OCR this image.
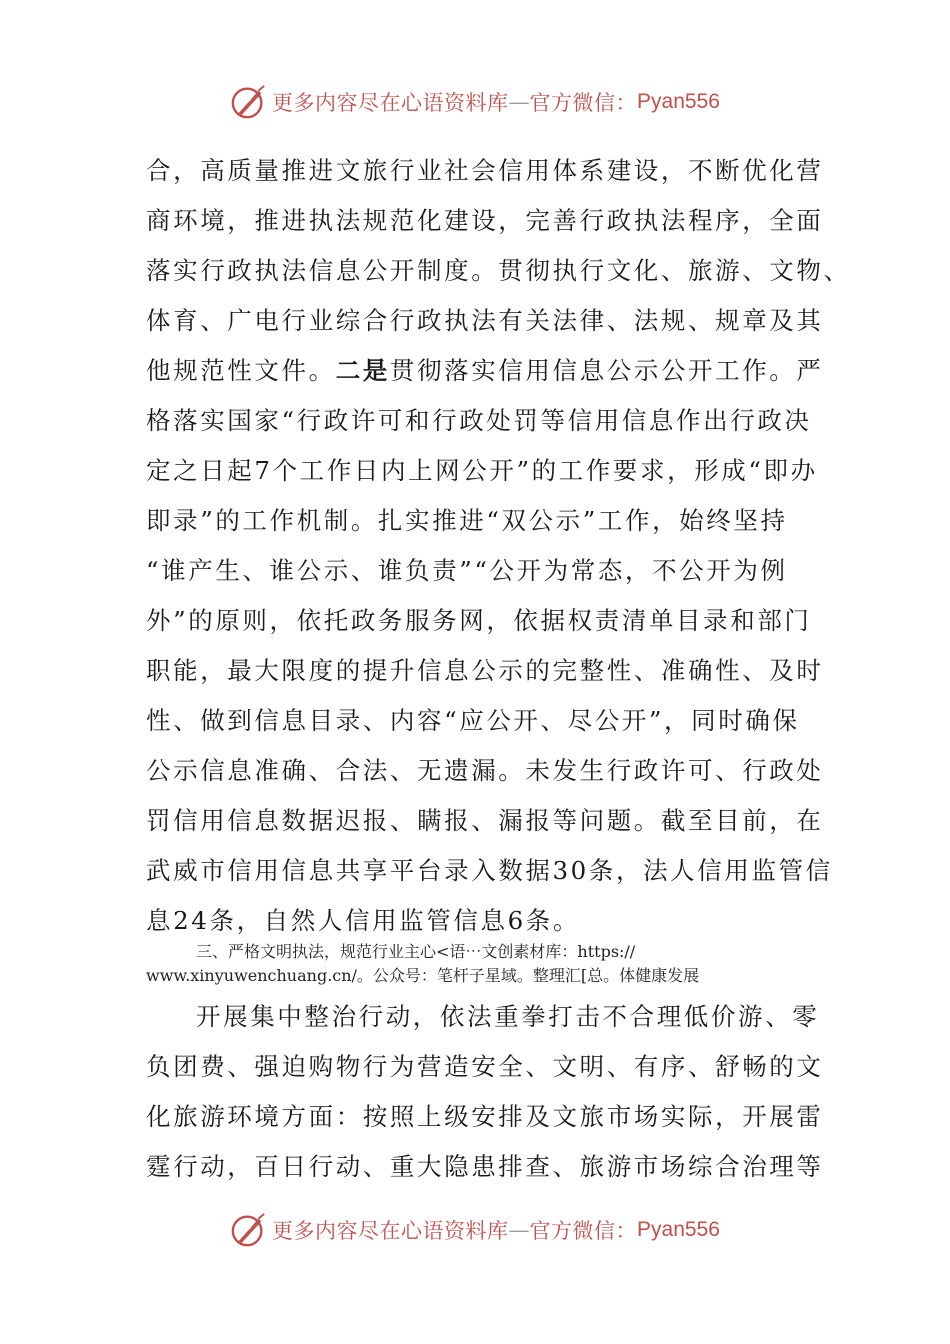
更多内容尽在心语资料库 — 官方微信： Pyan556
合，高质量推进文旅行业社会信用体系建设，不断优化营
商环境，推进执法规范化建设，完善行政执法程序，全面
落实行政执法信息公开制度。贯彻执行文化、旅游、文物、
体育、广电行业综合行政执法有关法律、法规、规章及其
他规范性文件。二是贯彻落实信用信息公示公开工作。严
格落实国家“行政许可和行政处罚等信用信息作出行政决
定之日起7个工作日内上网公开”的工作要求，形成“即办
即录”的工作机制。扎实推进“双公示”工作，始终坚持
“谁产生、谁公示、谁负责”“公开为常态，不公开为例
外”的原则，依托政务服务网，依据权责清单目录和部门
职能，最大限度的提升信息公示的完整性、准确性、及时
性、做到信息目录、内容“应公开、尽公开”，同时确保
公示信息准确、合法、无遗漏。未发生行政许可、行政处
罚信用信息数据迟报、瞒报、漏报等问题。截至目前，在
武威市信用信息共享平台录入数据30条，法人信用监管信
息24条，自然人信用监管信息6条。
三、严格文明执法，规范行业主心<语⋯文创素材库：https://
www.xinyuwenchuang.cn/。公众号：笔杆子星域。整理汇[总。体健康发展
开展集中整治行动，依法重拳打击不合理低价游、零
负团费、强迫购物行为营造安全、文明、有序、舒畅的文
化旅游环境方面：按照上级安排及文旅市场实际，开展雷
霆行动，百日行动、重大隐患排查、旅游市场综合治理等
更多内容尽在心语资料库 — 官方微信： Pyan556
